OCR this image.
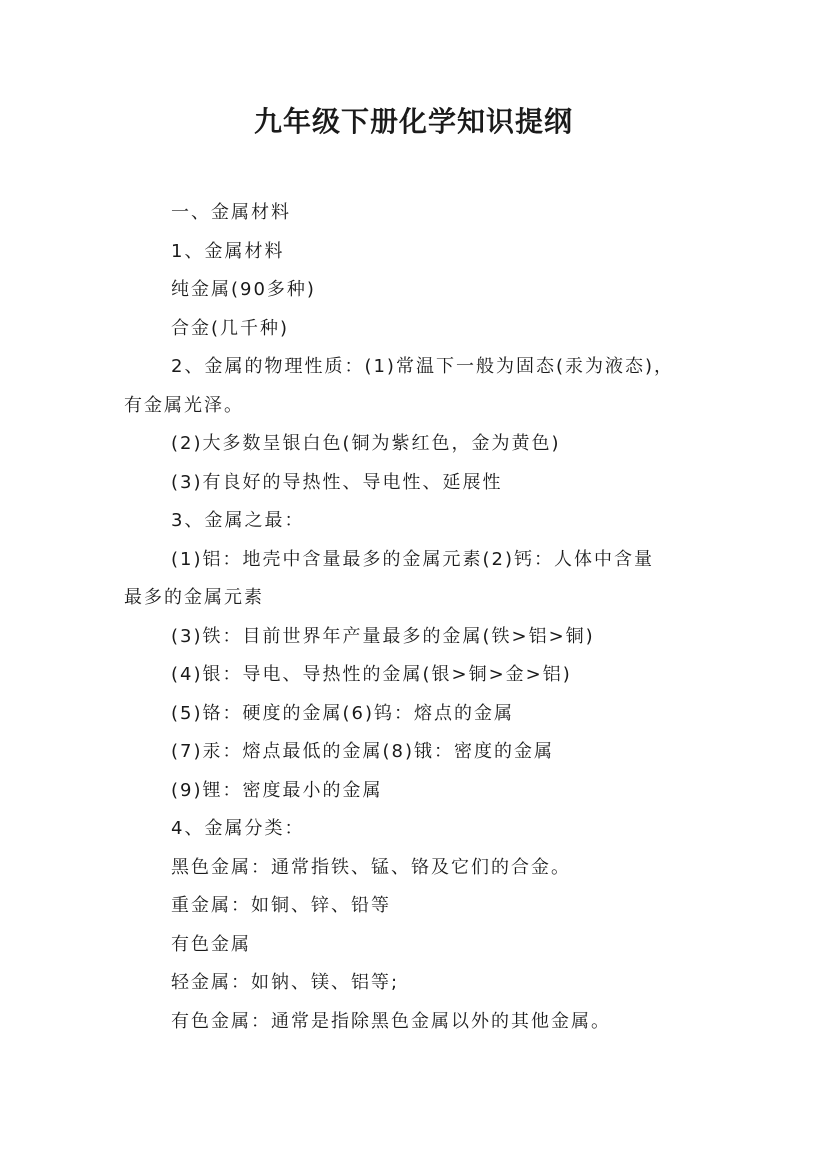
九年级下册化学知识提纲

一、金属材料

1、金属材料

纯金属(90多种)

合金(几千种)

2、金属的物理性质：(1)常温下一般为固态(汞为液态)，

有金属光泽。

(2)大多数呈银白色(铜为紫红色，金为黄色)

(3)有良好的导热性、导电性、延展性

3、金属之最：

(1)铝：地壳中含量最多的金属元素(2)钙：人体中含量

最多的金属元素

(3)铁：目前世界年产量最多的金属(铁>铝>铜)

(4)银：导电、导热性的金属(银>铜>金>铝)

(5)铬：硬度的金属(6)钨：熔点的金属

(7)汞：熔点最低的金属(8)锇：密度的金属

(9)锂：密度最小的金属

4、金属分类：

黑色金属：通常指铁、锰、铬及它们的合金。

重金属：如铜、锌、铅等

有色金属

轻金属：如钠、镁、铝等;

有色金属：通常是指除黑色金属以外的其他金属。
